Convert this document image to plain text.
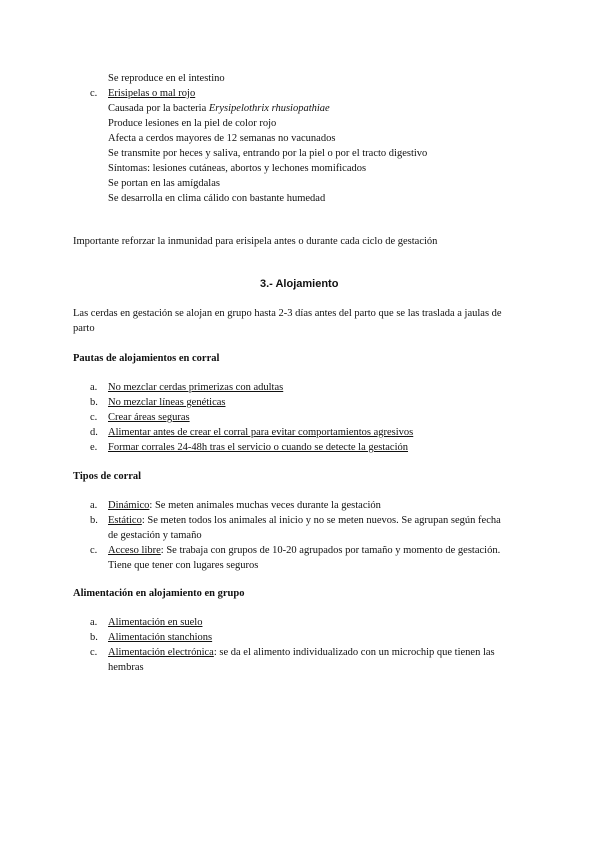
Se reproduce en el intestino
c.	Erisipelas o mal rojo
Causada por la bacteria Erysipelothrix rhusiopathiae
Produce lesiones en la piel de color rojo
Afecta a cerdos mayores de 12 semanas no vacunados
Se transmite por heces y saliva, entrando por la piel o por el tracto digestivo
Síntomas: lesiones cutáneas, abortos y lechones momificados
Se portan en las amígdalas
Se desarrolla en clima cálido con bastante humedad
Importante reforzar la inmunidad para erisipela antes o durante cada ciclo de gestación
3.- Alojamiento
Las cerdas en gestación se alojan en grupo hasta 2-3 días antes del parto que se las traslada a jaulas de
parto
Pautas de alojamientos en corral
a.	No mezclar cerdas primerizas con adultas
b. No mezclar líneas genéticas
c.	Crear áreas seguras
d. Alimentar antes de crear el corral para evitar comportamientos agresivos
e.	Formar corrales 24-48h tras el servicio o cuando se detecte la gestación
Tipos de corral
a.	Dinámico: Se meten animales muchas veces durante la gestación
b. Estático: Se meten todos los animales al inicio y no se meten nuevos. Se agrupan según fecha
de gestación y tamaño
c.	Acceso libre: Se trabaja con grupos de 10-20 agrupados por tamaño y momento de gestación.
Tiene que tener con lugares seguros
Alimentación en alojamiento en grupo
a.	Alimentación en suelo
b. Alimentación stanchions
c.	Alimentación electrónica: se da el alimento individualizado con un microchip que tienen las
hembras
